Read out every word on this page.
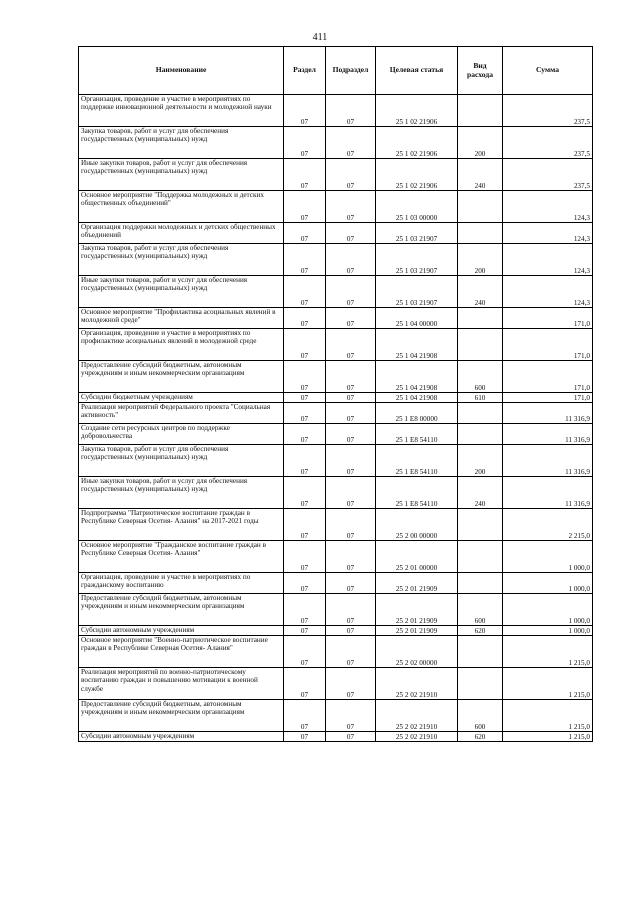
411
Наименование	Раздел	Подраздел	Целевая статья	Вид расхода	Сумма
Организация, проведение и участие в мероприятиях по поддержке инновационной деятельности и молодежной науки	07	07	25 1 02 21906		237,5
Закупка товаров, работ и услуг для обеспечения государственных (муниципальных) нужд	07	07	25 1 02 21906	200	237,5
Иные закупки товаров, работ и услуг для обеспечения государственных (муниципальных) нужд	07	07	25 1 02 21906	240	237,5
Основное мероприятие "Поддержка молодежных и детских общественных объединений"	07	07	25 1 03 00000		124,3
Организация поддержки молодежных и детских общественных объединений	07	07	25 1 03 21907		124,3
Закупка товаров, работ и услуг для обеспечения государственных (муниципальных) нужд	07	07	25 1 03 21907	200	124,3
Иные закупки товаров, работ и услуг для обеспечения государственных (муниципальных) нужд	07	07	25 1 03 21907	240	124,3
Основное мероприятие "Профилактика асоциальных явлений в молодежной среде"	07	07	25 1 04 00000		171,0
Организация, проведение и участие в мероприятиях по профилактике асоциальных явлений в молодежной среде	07	07	25 1 04 21908		171,0
Предоставление субсидий бюджетным, автономным учреждениям и иным некоммерческим организациям	07	07	25 1 04 21908	600	171,0
Субсидии бюджетным учреждениям	07	07	25 1 04 21908	610	171,0
Реализация мероприятий Федерального проекта "Социальная активность"	07	07	25 1 E8 00000		11 316,9
Создание сети ресурсных центров по поддержке добровольчества	07	07	25 1 E8 54110		11 316,9
Закупка товаров, работ и услуг для обеспечения государственных (муниципальных) нужд	07	07	25 1 E8 54110	200	11 316,9
Иные закупки товаров, работ и услуг для обеспечения государственных (муниципальных) нужд	07	07	25 1 E8 54110	240	11 316,9
Подпрограмма "Патриотическое воспитание граждан в Республике Северная Осетия- Алания" на 2017-2021 годы	07	07	25 2 00 00000		2 215,0
Основное мероприятие "Гражданское воспитание граждан в Республике Северная Осетия- Алания"	07	07	25 2 01 00000		1 000,0
Организация, проведение и участие в мероприятиях по гражданскому воспитанию	07	07	25 2 01 21909		1 000,0
Предоставление субсидий бюджетным, автономным учреждениям и иным некоммерческим организациям	07	07	25 2 01 21909	600	1 000,0
Субсидии автономным учреждениям	07	07	25 2 01 21909	620	1 000,0
Основное мероприятие "Военно-патриотическое воспитание граждан в Республике Северная Осетия- Алания"	07	07	25 2 02 00000		1 215,0
Реализация мероприятий по военно-патриотическому воспитанию граждан и повышению мотивации к военной службе	07	07	25 2 02 21910		1 215,0
Предоставление субсидий бюджетным, автономным учреждениям и иным некоммерческим организациям	07	07	25 2 02 21910	600	1 215,0
Субсидии автономным учреждениям	07	07	25 2 02 21910	620	1 215,0
